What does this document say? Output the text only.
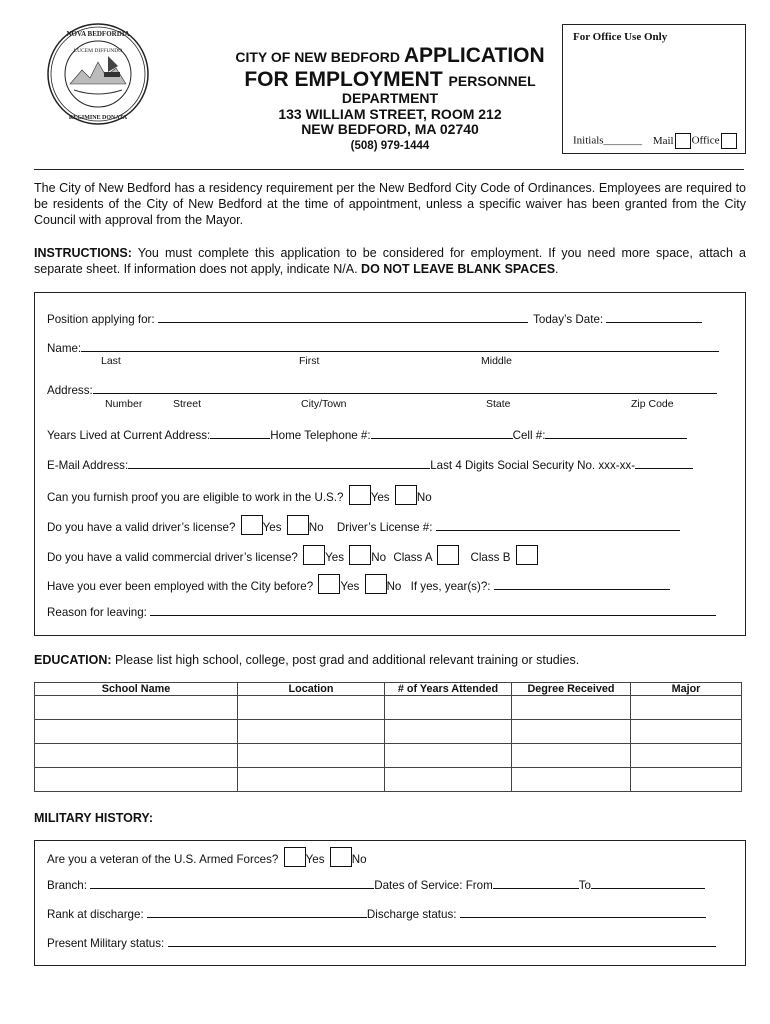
NOVA BEDFORDIA
REGIMINE DONATA
LUCEM DIFFUNDO	CITY OF NEW BEDFORD APPLICATION
FOR EMPLOYMENT PERSONNEL
DEPARTMENT
133 WILLIAM STREET, ROOM 212
NEW BEDFORD, MA 02740
(508) 979-1444
For Office Use Only
Initials_______ Mail Office
The City of New Bedford has a residency requirement per the New Bedford City Code of Ordinances. Employees are required to be residents of the City of New Bedford at the time of appointment, unless a specific waiver has been granted from the City Council with approval from the Mayor.
INSTRUCTIONS: You must complete this application to be considered for employment. If you need more space, attach a separate sheet. If information does not apply, indicate N/A. DO NOT LEAVE BLANK SPACES.
Position applying for:	Today’s Date:
Name:
Last	First	Middle
Address:
Number	Street	City/Town	State	Zip Code
Years Lived at Current Address:	Home Telephone #:	Cell #:
E-Mail Address:	Last 4 Digits Social Security No. xxx-xx-
Can you furnish proof you are eligible to work in the U.S.? Yes No
Do you have a valid driver’s license? Yes No Driver’s License #:
Do you have a valid commercial driver’s license? Yes No Class A	Class B
Have you ever been employed with the City before? Yes No If yes, year(s)?:
Reason for leaving:
EDUCATION: Please list high school, college, post grad and additional relevant training or studies.
School Name	Location	# of Years Attended	Degree Received	Major

MILITARY HISTORY:
Are you a veteran of the U.S. Armed Forces? Yes No
Branch:	Dates of Service: From	To
Rank at discharge:	Discharge status:
Present Military status:
